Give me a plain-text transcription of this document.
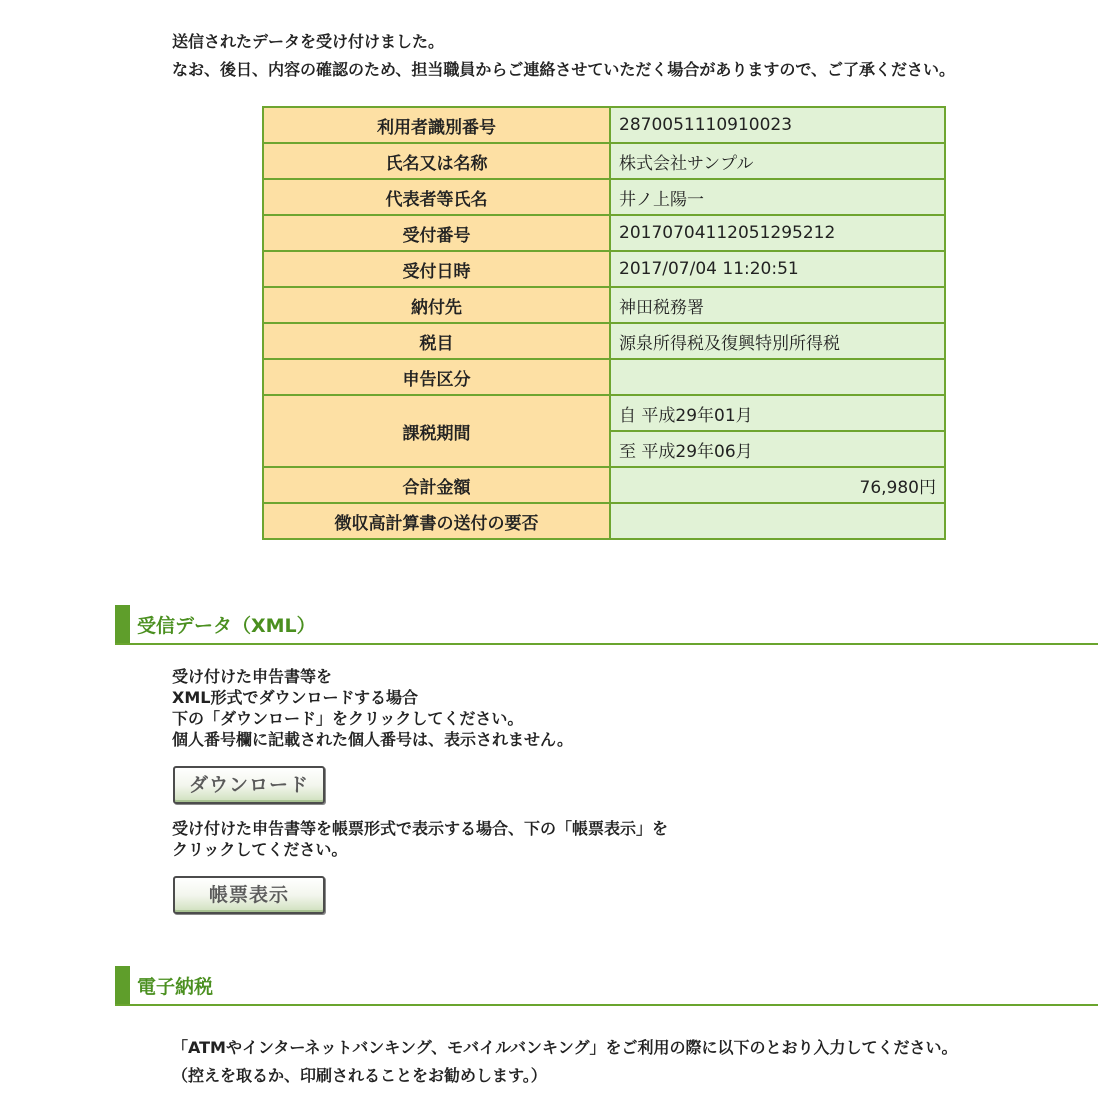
送信されたデータを受け付けました。
なお、後日、内容の確認のため、担当職員からご連絡させていただく場合がありますので、ご了承ください。
利用者識別番号	2870051110910023
氏名又は名称	株式会社サンプル
代表者等氏名	井ノ上陽一
受付番号	20170704112051295212
受付日時	2017/07/04 11:20:51
納付先	神田税務署
税目	源泉所得税及復興特別所得税
申告区分	
課税期間	自 平成29年01月
	至 平成29年06月
合計金額	76,980円
徴収高計算書の送付の要否	
受信データ（XML）
受け付けた申告書等を
XML形式でダウンロードする場合
下の「ダウンロード」をクリックしてください。
個人番号欄に記載された個人番号は、表示されません。
ダウンロード
受け付けた申告書等を帳票形式で表示する場合、下の「帳票表示」を
クリックしてください。
帳票表示
電子納税
「ATMやインターネットバンキング、モバイルバンキング」をご利用の際に以下のとおり入力してください。
（控えを取るか、印刷されることをお勧めします。）
